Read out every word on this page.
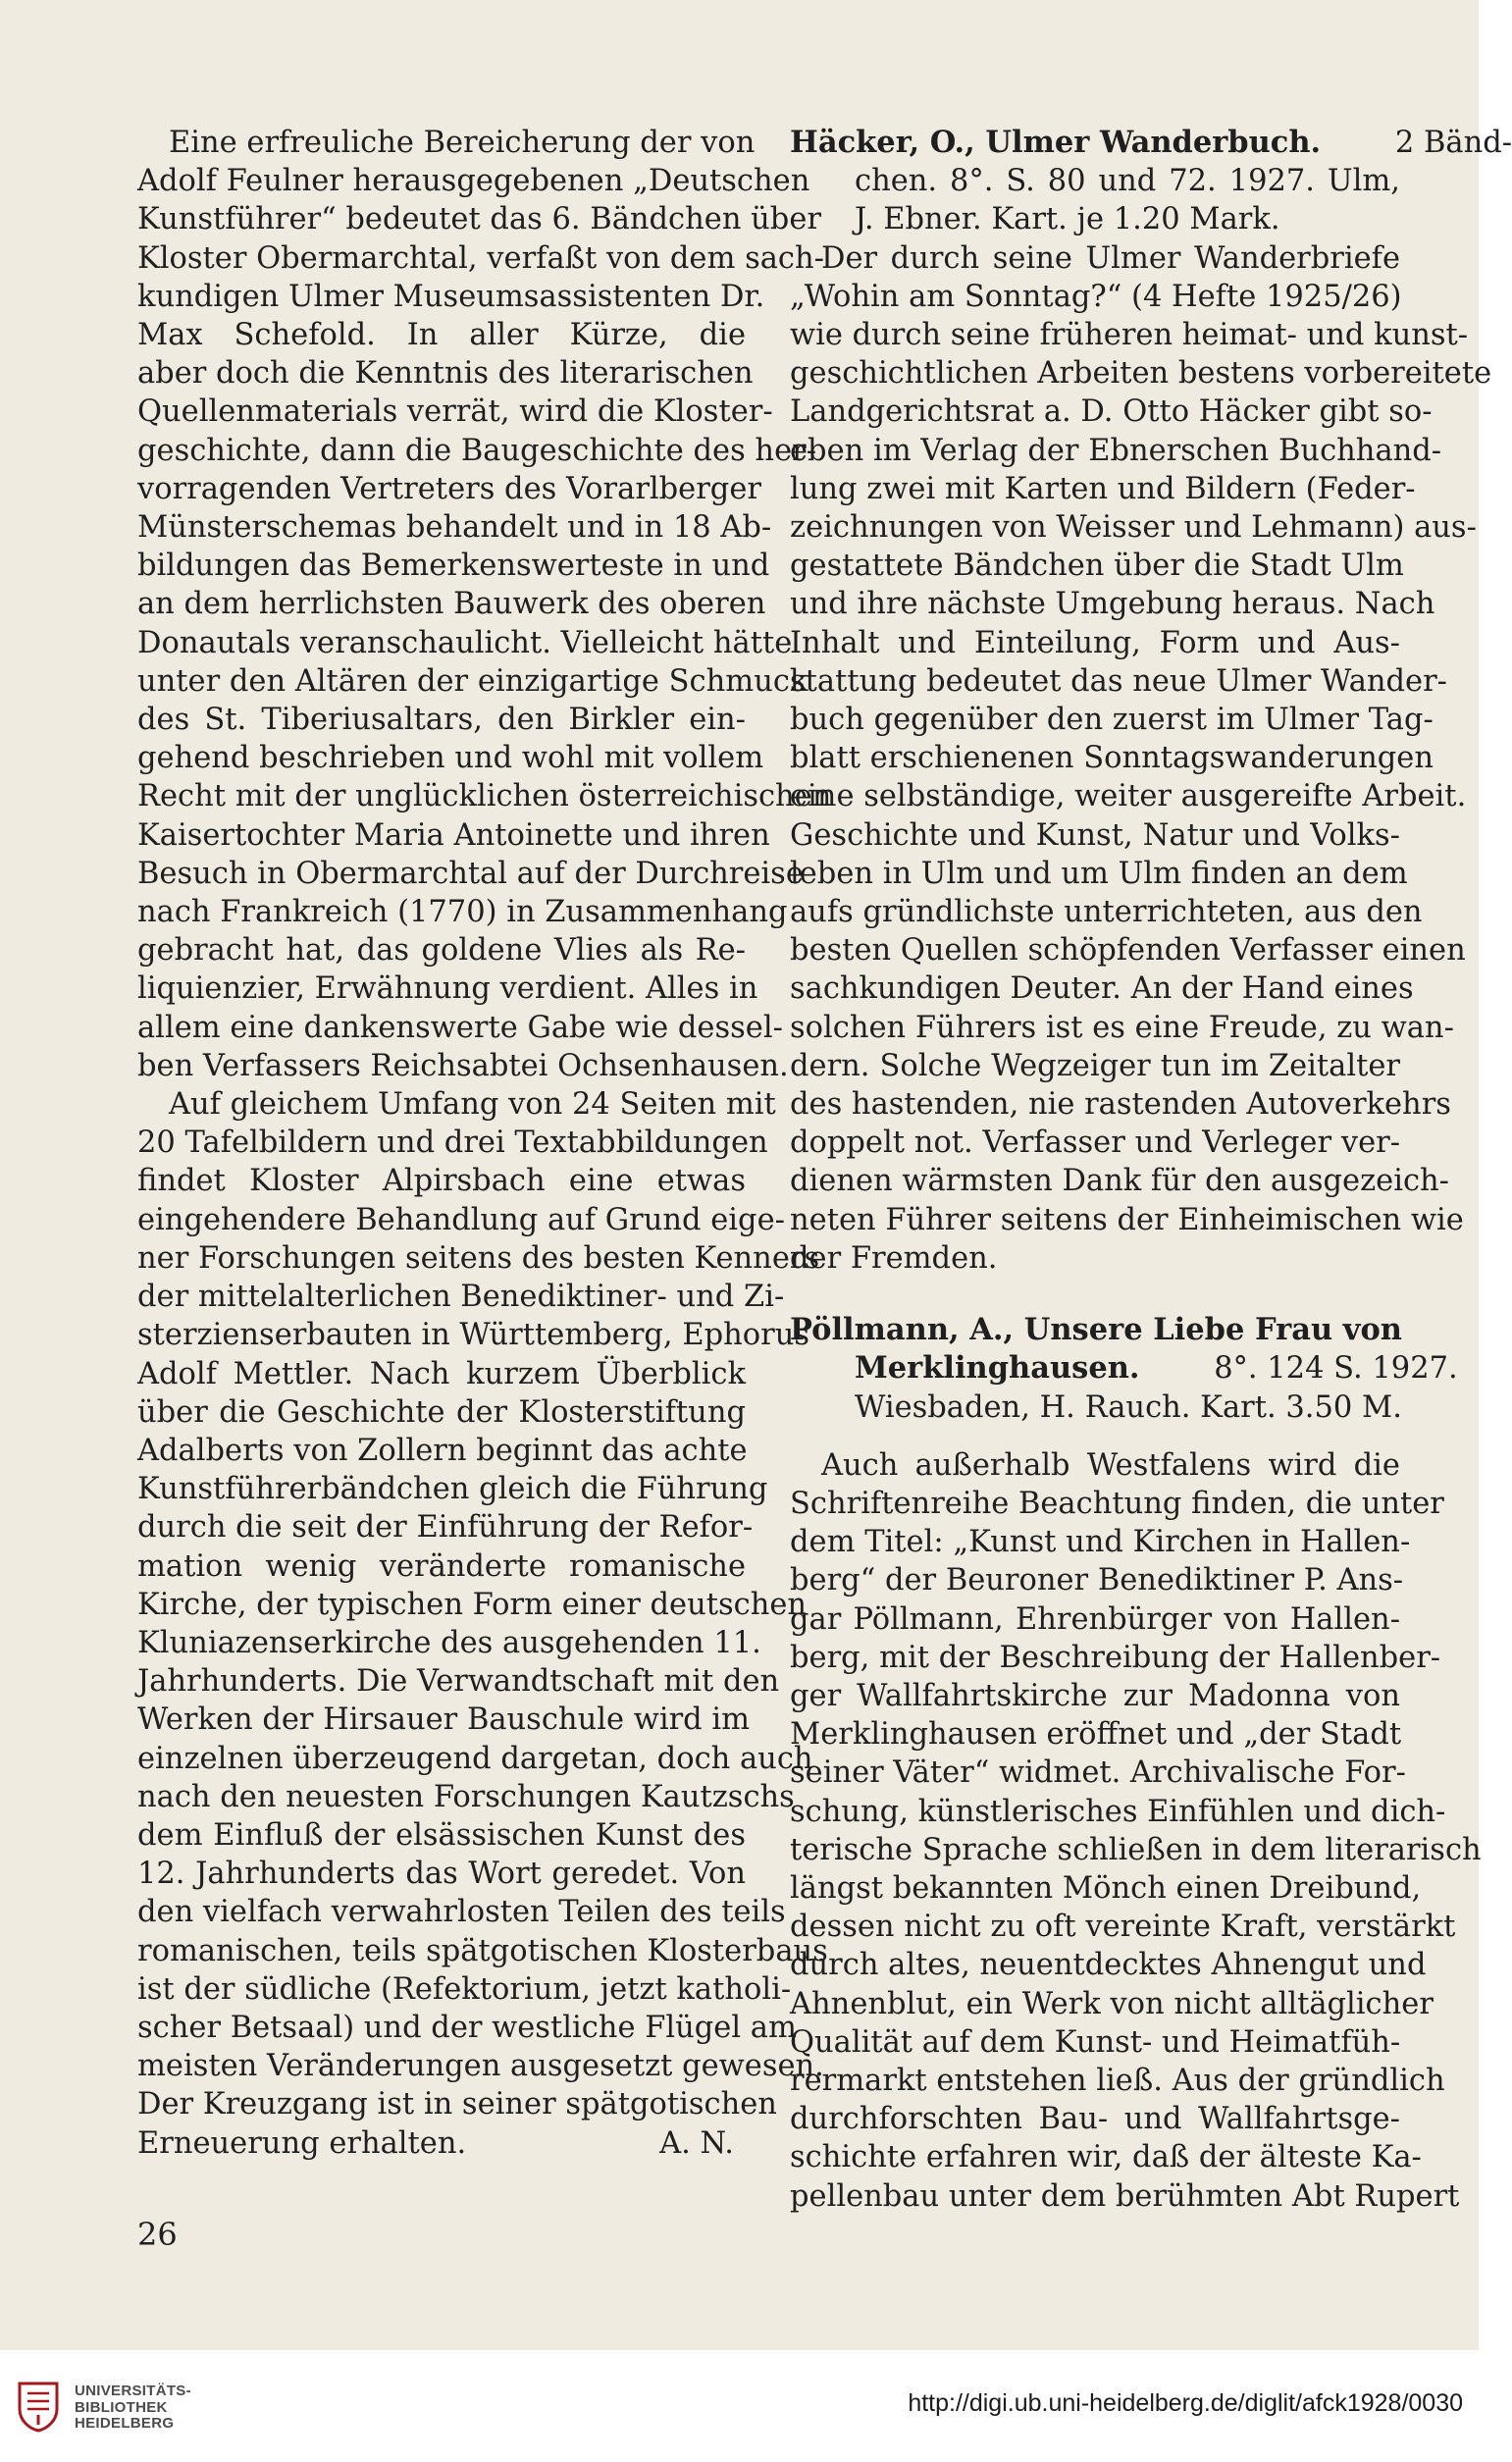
Eine erfreuliche Bereicherung der von
Adolf Feulner herausgegebenen „Deutschen
Kunstführer“ bedeutet das 6. Bändchen über
Kloster Obermarchtal, verfaßt von dem sach-
kundigen Ulmer Museumsassistenten Dr.
Max Schefold. In aller Kürze, die
aber doch die Kenntnis des literarischen
Quellenmaterials verrät, wird die Kloster-
geschichte, dann die Baugeschichte des her-
vorragenden Vertreters des Vorarlberger
Münsterschemas behandelt und in 18 Ab-
bildungen das Bemerkenswerteste in und
an dem herrlichsten Bauwerk des oberen
Donautals veranschaulicht. Vielleicht hätte
unter den Altären der einzigartige Schmuck
des St. Tiberiusaltars, den Birkler ein-
gehend beschrieben und wohl mit vollem
Recht mit der unglücklichen österreichischen
Kaisertochter Maria Antoinette und ihren
Besuch in Obermarchtal auf der Durchreise
nach Frankreich (1770) in Zusammenhang
gebracht hat, das goldene Vlies als Re-
liquienzier, Erwähnung verdient. Alles in
allem eine dankenswerte Gabe wie dessel-
ben Verfassers Reichsabtei Ochsenhausen.

Auf gleichem Umfang von 24 Seiten mit
20 Tafelbildern und drei Textabbildungen
findet Kloster Alpirsbach eine etwas
eingehendere Behandlung auf Grund eige-
ner Forschungen seitens des besten Kenners
der mittelalterlichen Benediktiner- und Zi-
sterzienserbauten in Württemberg, Ephorus
Adolf Mettler. Nach kurzem Überblick
über die Geschichte der Klosterstiftung
Adalberts von Zollern beginnt das achte
Kunstführerbändchen gleich die Führung
durch die seit der Einführung der Refor-
mation wenig veränderte romanische
Kirche, der typischen Form einer deutschen
Kluniazenserkirche des ausgehenden 11.
Jahrhunderts. Die Verwandtschaft mit den
Werken der Hirsauer Bauschule wird im
einzelnen überzeugend dargetan, doch auch
nach den neuesten Forschungen Kautzschs
dem Einfluß der elsässischen Kunst des
12. Jahrhunderts das Wort geredet. Von
den vielfach verwahrlosten Teilen des teils
romanischen, teils spätgotischen Klosterbaus
ist der südliche (Refektorium, jetzt katholi-
scher Betsaal) und der westliche Flügel am
meisten Veränderungen ausgesetzt gewesen.
Der Kreuzgang ist in seiner spätgotischen

Erneuerung erhalten.	A. N.

Häcker, O., Ulmer Wanderbuch. 2 Bänd-
chen. 8°. S. 80 und 72. 1927. Ulm,
J. Ebner. Kart. je 1.20 Mark.

Der durch seine Ulmer Wanderbriefe
„Wohin am Sonntag?“ (4 Hefte 1925/26)
wie durch seine früheren heimat- und kunst-
geschichtlichen Arbeiten bestens vorbereitete
Landgerichtsrat a. D. Otto Häcker gibt so-
eben im Verlag der Ebnerschen Buchhand-
lung zwei mit Karten und Bildern (Feder-
zeichnungen von Weisser und Lehmann) aus-
gestattete Bändchen über die Stadt Ulm
und ihre nächste Umgebung heraus. Nach
Inhalt und Einteilung, Form und Aus-
stattung bedeutet das neue Ulmer Wander-
buch gegenüber den zuerst im Ulmer Tag-
blatt erschienenen Sonntagswanderungen
eine selbständige, weiter ausgereifte Arbeit.
Geschichte und Kunst, Natur und Volks-
leben in Ulm und um Ulm finden an dem
aufs gründlichste unterrichteten, aus den
besten Quellen schöpfenden Verfasser einen
sachkundigen Deuter. An der Hand eines
solchen Führers ist es eine Freude, zu wan-
dern. Solche Wegzeiger tun im Zeitalter
des hastenden, nie rastenden Autoverkehrs
doppelt not. Verfasser und Verleger ver-
dienen wärmsten Dank für den ausgezeich-
neten Führer seitens der Einheimischen wie
der Fremden.

Pöllmann, A., Unsere Liebe Frau von
Merklinghausen. 8°. 124 S. 1927.
Wiesbaden, H. Rauch. Kart. 3.50 M.

Auch außerhalb Westfalens wird die
Schriftenreihe Beachtung finden, die unter
dem Titel: „Kunst und Kirchen in Hallen-
berg“ der Beuroner Benediktiner P. Ans-
gar Pöllmann, Ehrenbürger von Hallen-
berg, mit der Beschreibung der Hallenber-
ger Wallfahrtskirche zur Madonna von
Merklinghausen eröffnet und „der Stadt
seiner Väter“ widmet. Archivalische For-
schung, künstlerisches Einfühlen und dich-
terische Sprache schließen in dem literarisch
längst bekannten Mönch einen Dreibund,
dessen nicht zu oft vereinte Kraft, verstärkt
durch altes, neuentdecktes Ahnengut und
Ahnenblut, ein Werk von nicht alltäglicher
Qualität auf dem Kunst- und Heimatfüh-
rermarkt entstehen ließ. Aus der gründlich
durchforschten Bau- und Wallfahrtsge-
schichte erfahren wir, daß der älteste Ka-
pellenbau unter dem berühmten Abt Rupert

26
UNIVERSITÄTS-
BIBLIOTHEK
HEIDELBERG
http://digi.ub.uni-heidelberg.de/diglit/afck1928/0030
